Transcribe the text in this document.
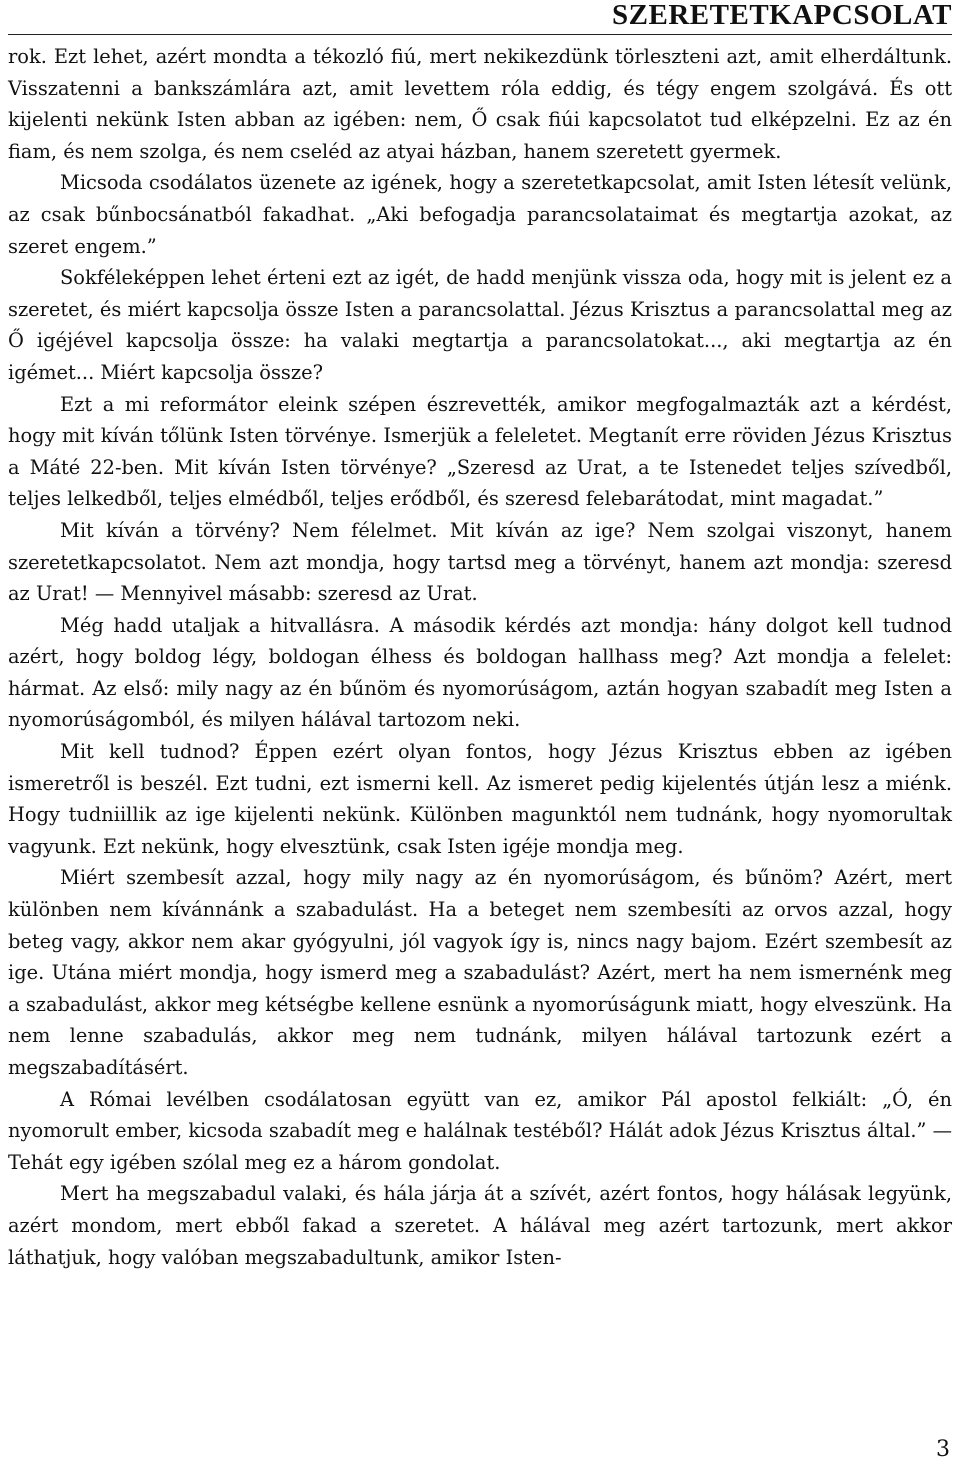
SZERETETKAPCSOLAT

rok. Ezt lehet, azért mondta a tékozló fiú, mert nekikezdünk törleszteni azt, amit elherdáltunk. Visszatenni a bankszámlára azt, amit levettem róla eddig, és tégy engem szolgává. És ott kijelenti nekünk Isten abban az igében: nem, Ő csak fiúi kapcsolatot tud elképzelni. Ez az én fiam, és nem szolga, és nem cseléd az atyai házban, hanem szeretett gyermek.

Micsoda csodálatos üzenete az igének, hogy a szeretetkapcsolat, amit Isten létesít velünk, az csak bűnbocsánatból fakadhat. „Aki befogadja parancsolataimat és megtartja azokat, az szeret engem.”

Sokféleképpen lehet érteni ezt az igét, de hadd menjünk vissza oda, hogy mit is jelent ez a szeretet, és miért kapcsolja össze Isten a parancsolattal. Jézus Krisztus a parancsolattal meg az Ő igéjével kapcsolja össze: ha valaki megtartja a parancsolatokat..., aki megtartja az én igémet... Miért kapcsolja össze?

Ezt a mi reformátor eleink szépen észrevették, amikor megfogalmazták azt a kérdést, hogy mit kíván tőlünk Isten törvénye. Ismerjük a feleletet. Megtanít erre röviden Jézus Krisztus a Máté 22-ben. Mit kíván Isten törvénye? „Szeresd az Urat, a te Istenedet teljes szívedből, teljes lelkedből, teljes elmédből, teljes erődből, és szeresd felebarátodat, mint magadat.”

Mit kíván a törvény? Nem félelmet. Mit kíván az ige? Nem szolgai viszonyt, hanem szeretetkapcsolatot. Nem azt mondja, hogy tartsd meg a törvényt, hanem azt mondja: szeresd az Urat! — Mennyivel másabb: szeresd az Urat.

Még hadd utaljak a hitvallásra. A második kérdés azt mondja: hány dolgot kell tudnod azért, hogy boldog légy, boldogan élhess és boldogan hallhass meg? Azt mondja a felelet: hármat. Az első: mily nagy az én bűnöm és nyomorúságom, aztán hogyan szabadít meg Isten a nyomorúságomból, és milyen hálával tartozom neki.

Mit kell tudnod? Éppen ezért olyan fontos, hogy Jézus Krisztus ebben az igében ismeretről is beszél. Ezt tudni, ezt ismerni kell. Az ismeret pedig kijelentés útján lesz a miénk. Hogy tudniillik az ige kijelenti nekünk. Különben magunktól nem tudnánk, hogy nyomorultak vagyunk. Ezt nekünk, hogy elvesztünk, csak Isten igéje mondja meg.

Miért szembesít azzal, hogy mily nagy az én nyomorúságom, és bűnöm? Azért, mert különben nem kívánnánk a szabadulást. Ha a beteget nem szembesíti az orvos azzal, hogy beteg vagy, akkor nem akar gyógyulni, jól vagyok így is, nincs nagy bajom. Ezért szembesít az ige. Utána miért mondja, hogy ismerd meg a szabadulást? Azért, mert ha nem ismernénk meg a szabadulást, akkor meg kétségbe kellene esnünk a nyomorúságunk miatt, hogy elveszünk. Ha nem lenne szabadulás, akkor meg nem tudnánk, milyen hálával tartozunk ezért a megszabadításért.

A Római levélben csodálatosan együtt van ez, amikor Pál apostol felkiált: „Ó, én nyomorult ember, kicsoda szabadít meg e halálnak testéből? Hálát adok Jézus Krisztus által.” — Tehát egy igében szólal meg ez a három gondolat.

Mert ha megszabadul valaki, és hála járja át a szívét, azért fontos, hogy hálásak legyünk, azért mondom, mert ebből fakad a szeretet. A hálával meg azért tartozunk, mert akkor láthatjuk, hogy valóban megszabadultunk, amikor Isten-

3
